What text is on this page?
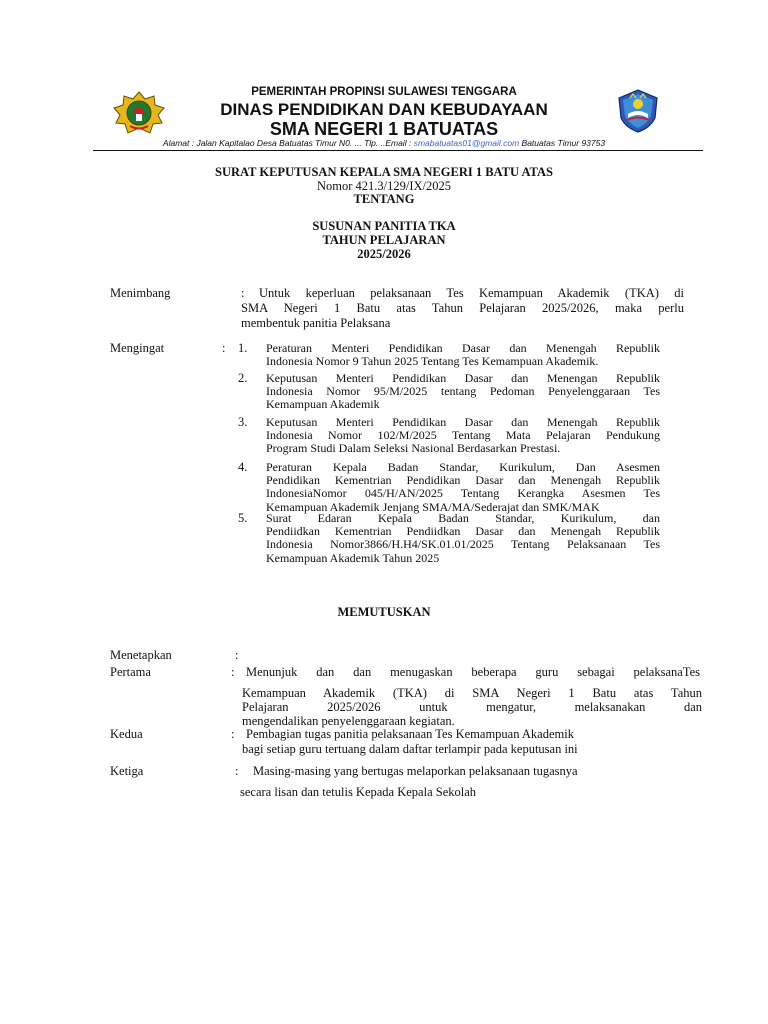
PEMERINTAH PROPINSI SULAWESI TENGGARA
DINAS PENDIDIKAN DAN KEBUDAYAAN
SMA NEGERI 1 BATUATAS
Alamat : Jalan Kapitalao Desa Batuatas Timur N0. ... Tlp. ..Email : smabatuatas01@gmail.com Batuatas Timur 93753
SURAT KEPUTUSAN KEPALA SMA NEGERI 1 BATU ATAS
Nomor 421.3/129/IX/2025
TENTANG
SUSUNAN PANITIA TKA
TAHUN PELAJARAN
2025/2026
Menimbang	: Untuk keperluan pelaksanaan Tes Kemampuan Akademik (TKA) di
SMA Negeri 1 Batu atas Tahun Pelajaran 2025/2026, maka perlu
membentuk panitia Pelaksana
Mengingat	: 1. Peraturan Menteri Pendidikan Dasar dan Menengah Republik
Indonesia Nomor 9 Tahun 2025 Tentang Tes Kemampuan Akademik.
2. Keputusan Menteri Pendidikan Dasar dan Menengan Republik
Indonesia Nomor 95/M/2025 tentang Pedoman Penyelenggaraan Tes
Kemampuan Akademik
3. Keputusan Menteri Pendidikan Dasar dan Menengah Republik
Indonesia Nomor 102/M/2025 Tentang Mata Pelajaran Pendukung
Program Studi Dalam Seleksi Nasional Berdasarkan Prestasi.
4. Peraturan Kepala Badan Standar, Kurikulum, Dan Asesmen
Pendidikan Kementrian Pendidikan Dasar dan Menengah Republik
IndonesiaNomor 045/H/AN/2025 Tentang Kerangka Asesmen Tes
Kemampuan Akademik Jenjang SMA/MA/Sederajat dan SMK/MAK
5. Surat Edaran Kepala Badan Standar, Kurikulum, dan
Pendiidkan Kementrian Pendiidkan Dasar dan Menengah Republik
Indonesia Nomor3866/H.H4/SK.01.01/2025 Tentang Pelaksanaan Tes
Kemampuan Akademik Tahun 2025
MEMUTUSKAN
Menetapkan	:
Pertama	: Menunjuk dan dan menugaskan beberapa guru sebagai pelaksanaTes
Kemampuan Akademik (TKA) di SMA Negeri 1 Batu atas Tahun
Pelajaran 2025/2026 untuk mengatur, melaksanakan dan
mengendalikan penyelenggaraan kegiatan.
Kedua	: Pembagian tugas panitia pelaksanaan Tes Kemampuan Akademik
bagi setiap guru tertuang dalam daftar terlampir pada keputusan ini
Ketiga	: Masing-masing yang bertugas melaporkan pelaksanaan tugasnya
secara lisan dan tetulis Kepada Kepala Sekolah
